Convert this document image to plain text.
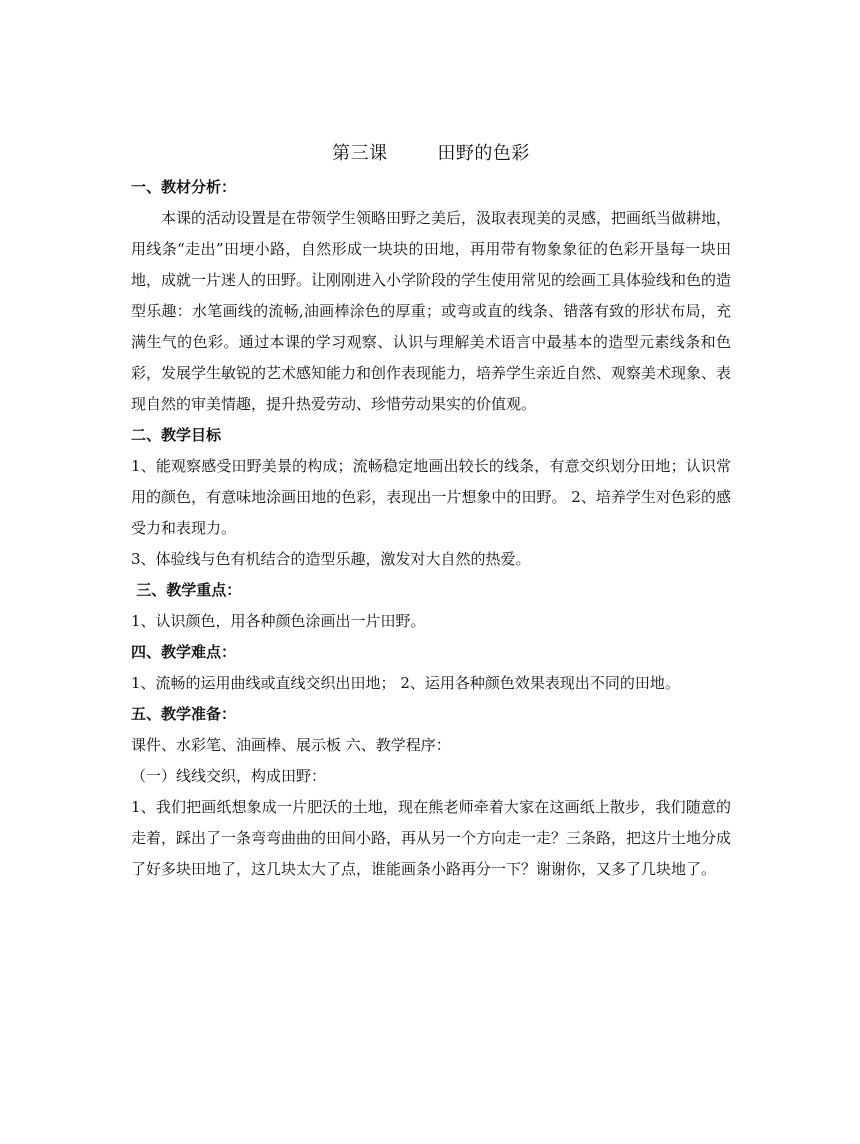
第三课        田野的色彩

一、教材分析：

本课的活动设置是在带领学生领略田野之美后，汲取表现美的灵感，把画纸当做耕地，用线条“走出”田埂小路，自然形成一块块的田地，再用带有物象象征的色彩开垦每一块田地，成就一片迷人的田野。让刚刚进入小学阶段的学生使用常见的绘画工具体验线和色的造型乐趣：水笔画线的流畅,油画棒涂色的厚重；或弯或直的线条、错落有致的形状布局，充满生气的色彩。通过本课的学习观察、认识与理解美术语言中最基本的造型元素线条和色彩，发展学生敏锐的艺术感知能力和创作表现能力，培养学生亲近自然、观察美术现象、表现自然的审美情趣，提升热爱劳动、珍惜劳动果实的价值观。

二、教学目标

1、能观察感受田野美景的构成；流畅稳定地画出较长的线条，有意交织划分田地；认识常用的颜色，有意味地涂画田地的色彩，表现出一片想象中的田野。 2、培养学生对色彩的感受力和表现力。

3、体验线与色有机结合的造型乐趣，激发对大自然的热爱。

三、教学重点：

1、认识颜色，用各种颜色涂画出一片田野。

四、教学难点：

1、流畅的运用曲线或直线交织出田地； 2、运用各种颜色效果表现出不同的田地。

五、教学准备：

课件、水彩笔、油画棒、展示板 六、教学程序：

（一）线线交织，构成田野：

1、我们把画纸想象成一片肥沃的土地，现在熊老师牵着大家在这画纸上散步，我们随意的走着，踩出了一条弯弯曲曲的田间小路，再从另一个方向走一走？三条路，把这片土地分成了好多块田地了，这几块太大了点，谁能画条小路再分一下？谢谢你，又多了几块地了。
